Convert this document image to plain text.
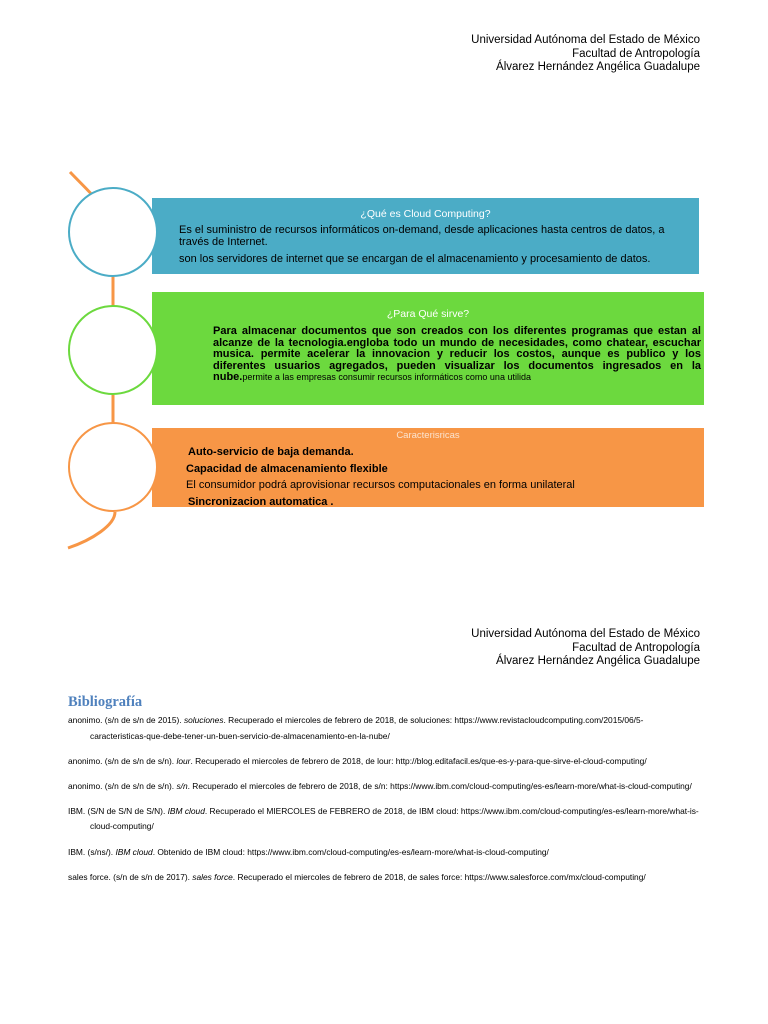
Universidad Autónoma del Estado de México
Facultad de Antropología
Álvarez Hernández Angélica Guadalupe
¿Qué es Cloud Computing?
Es el suministro de recursos informáticos on-demand, desde aplicaciones hasta centros de datos, a través de Internet.
son los servidores de internet que se encargan de el almacenamiento y procesamiento de datos.
¿Para Qué sirve?
Para almacenar documentos que son creados con los diferentes programas que estan al alcanze de la tecnologia.engloba todo un mundo de necesidades, como chatear, escuchar musica. permite acelerar la innovacion y reducir los costos, aunque es publico y los diferentes usuarios agregados, pueden visualizar los documentos ingresados en la nube.permite a las empresas consumir recursos informáticos como una utilida
Caracterisricas
Auto-servicio de baja demanda.
Capacidad de almacenamiento flexible
El consumidor podrá aprovisionar recursos computacionales en forma unilateral
Sincronizacion automatica .
Universidad Autónoma del Estado de México
Facultad de Antropología
Álvarez Hernández Angélica Guadalupe
Bibliografía
anonimo. (s/n de s/n de 2015). soluciones. Recuperado el miercoles de febrero de 2018, de soluciones: https://www.revistacloudcomputing.com/2015/06/5-caracteristicas-que-debe-tener-un-buen-servicio-de-almacenamiento-en-la-nube/
anonimo. (s/n de s/n de s/n). lour. Recuperado el miercoles de febrero de 2018, de lour: http://blog.editafacil.es/que-es-y-para-que-sirve-el-cloud-computing/
anonimo. (s/n de s/n de s/n). s/n. Recuperado el miercoles de febrero de 2018, de s/n: https://www.ibm.com/cloud-computing/es-es/learn-more/what-is-cloud-computing/
IBM. (S/N de S/N de S/N). IBM cloud. Recuperado el MIERCOLES de FEBRERO de 2018, de IBM cloud: https://www.ibm.com/cloud-computing/es-es/learn-more/what-is-cloud-computing/
IBM. (s/ns/). IBM cloud. Obtenido de IBM cloud: https://www.ibm.com/cloud-computing/es-es/learn-more/what-is-cloud-computing/
sales force. (s/n de s/n de 2017). sales force. Recuperado el miercoles de febrero de 2018, de sales force: https://www.salesforce.com/mx/cloud-computing/
